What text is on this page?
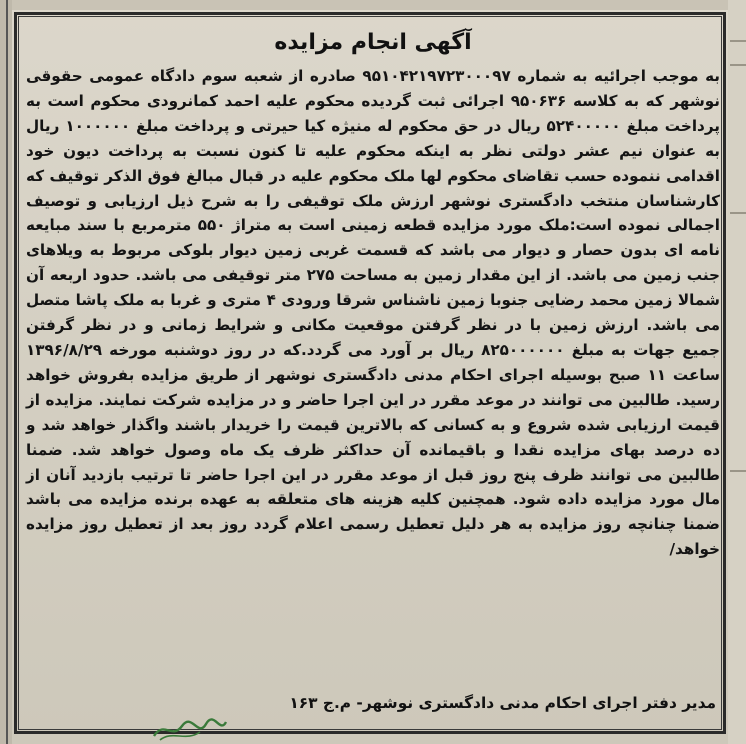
آگهی انجام مزایده
به موجب اجرائیه به شماره ۹۵۱۰۴۲۱۹۷۲۳۰۰۰۹۷ صادره از شعبه سوم دادگاه عمومی حقوقی نوشهر که به کلاسه ۹۵۰۶۳۶ اجرائی ثبت گردیده محکوم علیه احمد کمانرودی محکوم است به پرداخت مبلغ ۵۲۴۰۰۰۰۰ ریال در حق محکوم له منیژه کیا حیرتی و پرداخت مبلغ ۱۰۰۰۰۰۰ ریال به عنوان نیم عشر دولتی نظر به اینکه محکوم علیه تا کنون نسبت به پرداخت دیون خود اقدامی ننموده حسب تقاضای محکوم لها ملک محکوم علیه در قبال مبالغ فوق الذکر توقیف که کارشناسان منتخب دادگستری نوشهر ارزش ملک توقیفی را به شرح ذیل ارزیابی و توصیف اجمالی نموده است:ملک مورد مزایده قطعه زمینی است به متراژ ۵۵۰ مترمربع با سند مبایعه نامه ای بدون حصار و دیوار می باشد که قسمت غربی زمین دیوار بلوکی مربوط به ویلاهای جنب زمین می باشد. از این مقدار زمین به مساحت ۲۷۵ متر توقیفی می باشد. حدود اربعه آن شمالا زمین محمد رضایی جنوبا زمین ناشناس شرقا ورودی ۴ متری و غربا به ملک پاشا متصل می باشد. ارزش زمین با در نظر گرفتن موقعیت مکانی و شرایط زمانی و در نظر گرفتن جمیع جهات به مبلغ ۸۲۵۰۰۰۰۰۰ ریال بر آورد می گردد.که در روز دوشنبه مورخه ۱۳۹۶/۸/۲۹ ساعت ۱۱ صبح بوسیله اجرای احکام مدنی دادگستری نوشهر از طریق مزایده بفروش خواهد رسید. طالبین می توانند در موعد مقرر در این اجرا حاضر و در مزایده شرکت نمایند. مزایده از قیمت ارزیابی شده شروع و به کسانی که بالاترین قیمت را خریدار باشند واگذار خواهد شد و ده درصد بهای مزایده نقدا و باقیمانده آن حداکثر ظرف یک ماه وصول خواهد شد. ضمنا طالبین می توانند ظرف پنج روز قبل از موعد مقرر در این اجرا حاضر تا ترتیب بازدید آنان از مال مورد مزایده داده شود. همچنین کلیه هزینه های متعلقه به عهده برنده مزایده می باشد ضمنا چنانچه روز مزایده به هر دلیل تعطیل رسمی اعلام گردد روز بعد از تعطیل روز مزایده خواهد/
مدیر دفتر اجرای احکام مدنی دادگستری نوشهر- م.ج ۱۶۳
